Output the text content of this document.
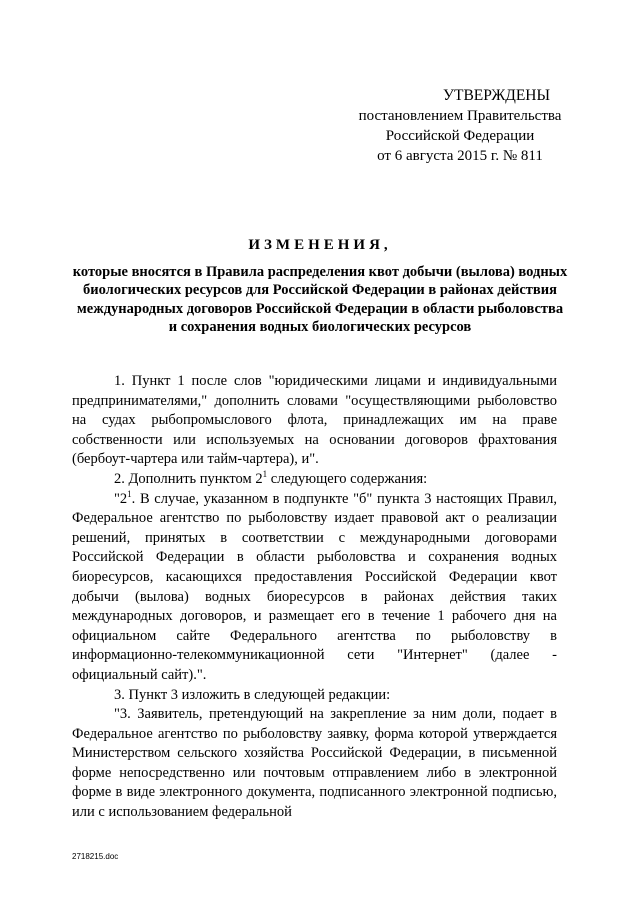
УТВЕРЖДЕНЫ
постановлением Правительства
Российской Федерации
от 6 августа 2015 г. № 811
ИЗМЕНЕНИЯ,
которые вносятся в Правила распределения квот добычи (вылова) водных биологических ресурсов для Российской Федерации в районах действия международных договоров Российской Федерации в области рыболовства и сохранения водных биологических ресурсов

1. Пункт 1 после слов "юридическими лицами и индивидуальными предпринимателями," дополнить словами "осуществляющими рыболовство на судах рыбопромыслового флота, принадлежащих им на праве собственности или используемых на основании договоров фрахтования (бербоут-чартера или тайм-чартера), и".

2. Дополнить пунктом $2^1$ следующего содержания:

"$2^1$. В случае, указанном в подпункте "б" пункта 3 настоящих Правил, Федеральное агентство по рыболовству издает правовой акт о реализации решений, принятых в соответствии с международными договорами Российской Федерации в области рыболовства и сохранения водных биоресурсов, касающихся предоставления Российской Федерации квот добычи (вылова) водных биоресурсов в районах действия таких международных договоров, и размещает его в течение 1 рабочего дня на официальном сайте Федерального агентства по рыболовству в информационно-телекоммуникационной сети "Интернет" (далее - официальный сайт).".

3. Пункт 3 изложить в следующей редакции:

"3. Заявитель, претендующий на закрепление за ним доли, подает в Федеральное агентство по рыболовству заявку, форма которой утверждается Министерством сельского хозяйства Российской Федерации, в письменной форме непосредственно или почтовым отправлением либо в электронной форме в виде электронного документа, подписанного электронной подписью, или с использованием федеральной

2718215.doc
